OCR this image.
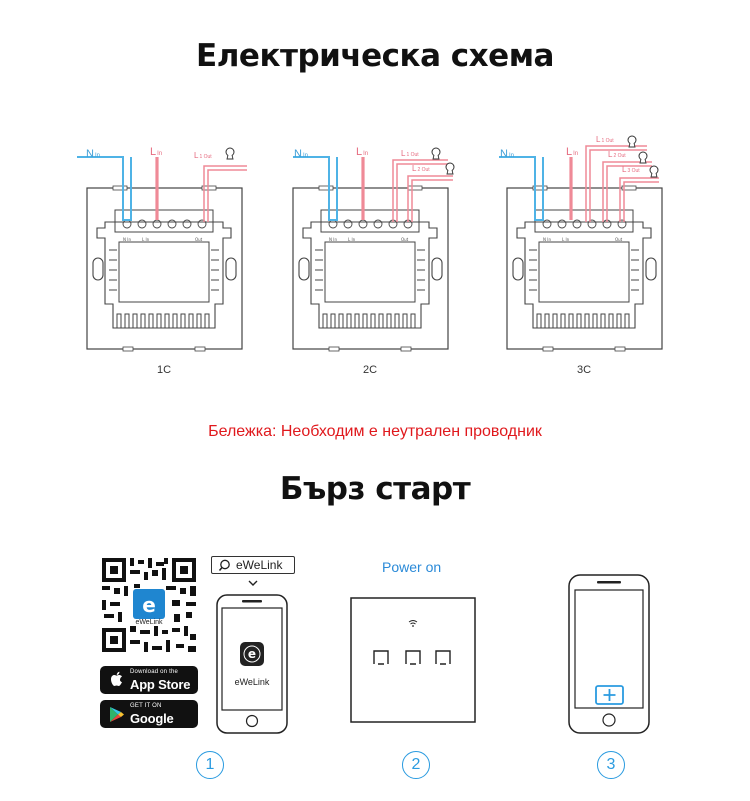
Електрическа схема
Бележка: Необходим е неутрален проводник
Бърз старт
N In	L In	Out
NIn	LIn	L1 Out	NIn	LIn	L1 Out
L2 Out
NIn	LIn
L1 Out
L2 Out
L3 Out
1C	2C	3C
e
eWeLink
Download on the
App Store
GET IT ON
Google Play
eWeLink
e
eWeLink
Power on
1	2	3
